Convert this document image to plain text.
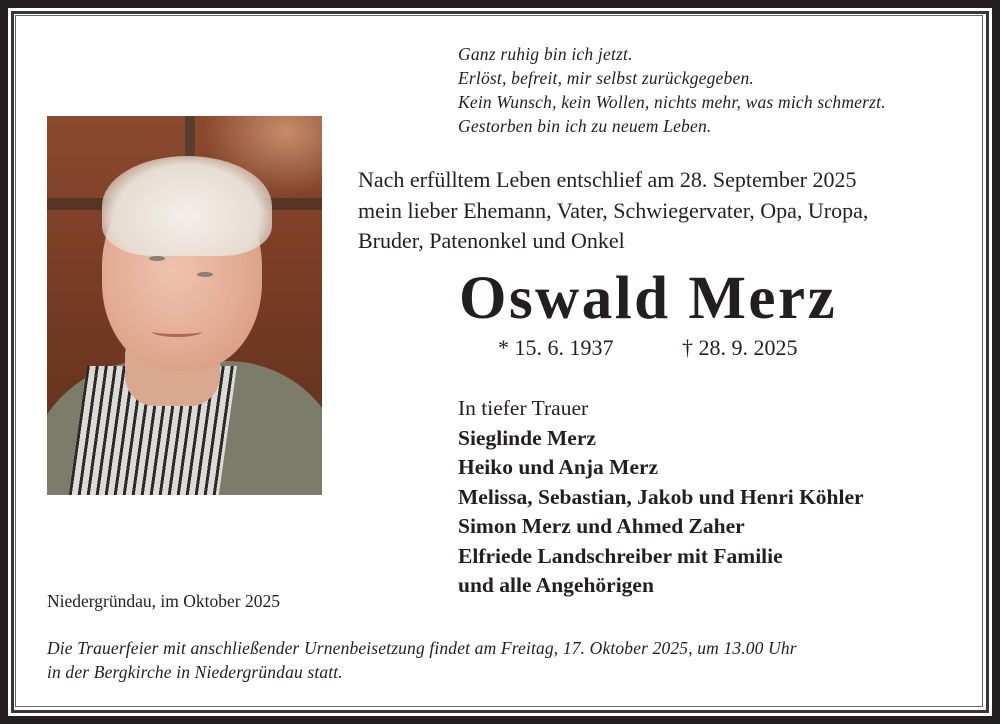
Ganz ruhig bin ich jetzt.
Erlöst, befreit, mir selbst zurückgegeben.
Kein Wunsch, kein Wollen, nichts mehr, was mich schmerzt.
Gestorben bin ich zu neuem Leben.
Nach erfülltem Leben entschlief am 28. September 2025
mein lieber Ehemann, Vater, Schwiegervater, Opa, Uropa,
Bruder, Patenonkel und Onkel
Oswald Merz
* 15. 6. 1937	† 28. 9. 2025
In tiefer Trauer
Sieglinde Merz
Heiko und Anja Merz
Melissa, Sebastian, Jakob und Henri Köhler
Simon Merz und Ahmed Zaher
Elfriede Landschreiber mit Familie
und alle Angehörigen
Niedergründau, im Oktober 2025
Die Trauerfeier mit anschließender Urnenbeisetzung findet am Freitag, 17. Oktober 2025, um 13.00 Uhr
in der Bergkirche in Niedergründau statt.
